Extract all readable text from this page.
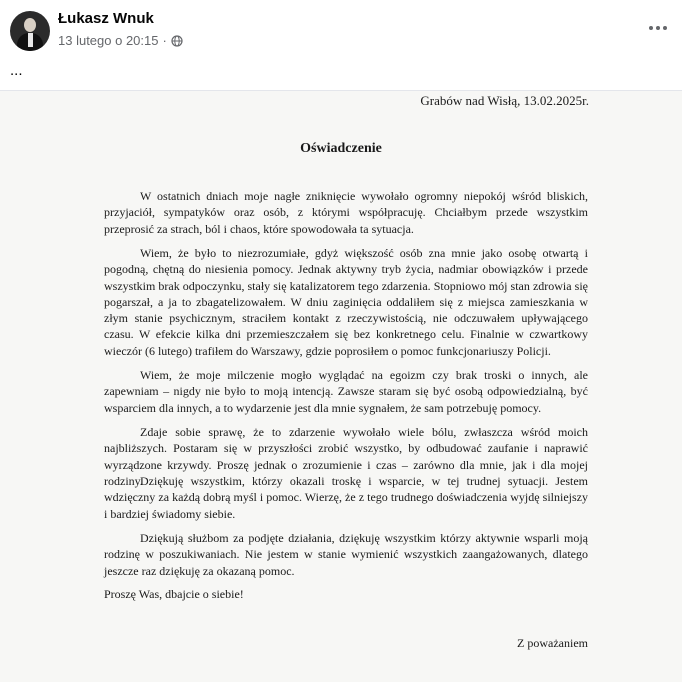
Łukasz Wnuk
13 lutego o 20:15 ·
...
Grabów nad Wisłą, 13.02.2025r.
Oświadczenie

W ostatnich dniach moje nagłe zniknięcie wywołało ogromny niepokój wśród bliskich, przyjaciół, sympatyków oraz osób, z którymi współpracuję. Chciałbym przede wszystkim przeprosić za strach, ból i chaos, które spowodowała ta sytuacja.

Wiem, że było to niezrozumiałe, gdyż większość osób zna mnie jako osobę otwartą i pogodną, chętną do niesienia pomocy. Jednak aktywny tryb życia, nadmiar obowiązków i przede wszystkim brak odpoczynku, stały się katalizatorem tego zdarzenia. Stopniowo mój stan zdrowia się pogarszał, a ja to zbagatelizowałem. W dniu zaginięcia oddaliłem się z miejsca zamieszkania w złym stanie psychicznym, straciłem kontakt z rzeczywistością, nie odczuwałem upływającego czasu. W efekcie kilka dni przemieszczałem się bez konkretnego celu. Finalnie w czwartkowy wieczór (6 lutego) trafiłem do Warszawy, gdzie poprosiłem o pomoc funkcjonariuszy Policji.

Wiem, że moje milczenie mogło wyglądać na egoizm czy brak troski o innych, ale zapewniam – nigdy nie było to moją intencją. Zawsze staram się być osobą odpowiedzialną, być wsparciem dla innych, a to wydarzenie jest dla mnie sygnałem, że sam potrzebuję pomocy.

Zdaje sobie sprawę, że to zdarzenie wywołało wiele bólu, zwłaszcza wśród moich najbliższych. Postaram się w przyszłości zrobić wszystko, by odbudować zaufanie i naprawić wyrządzone krzywdy. Proszę jednak o zrozumienie i czas – zarówno dla mnie, jak i dla mojej rodziny.

Dziękuję wszystkim, którzy okazali troskę i wsparcie, w tej trudnej sytuacji. Jestem wdzięczny za każdą dobrą myśl i pomoc. Wierzę, że z tego trudnego doświadczenia wyjdę silniejszy i bardziej świadomy siebie.

Dziękują służbom za podjęte działania, dziękuję wszystkim którzy aktywnie wsparli moją rodzinę w poszukiwaniach. Nie jestem w stanie wymienić wszystkich zaangażowanych, dlatego jeszcze raz dziękuję za okazaną pomoc.

Proszę Was, dbajcie o siebie!
Z poważaniem
